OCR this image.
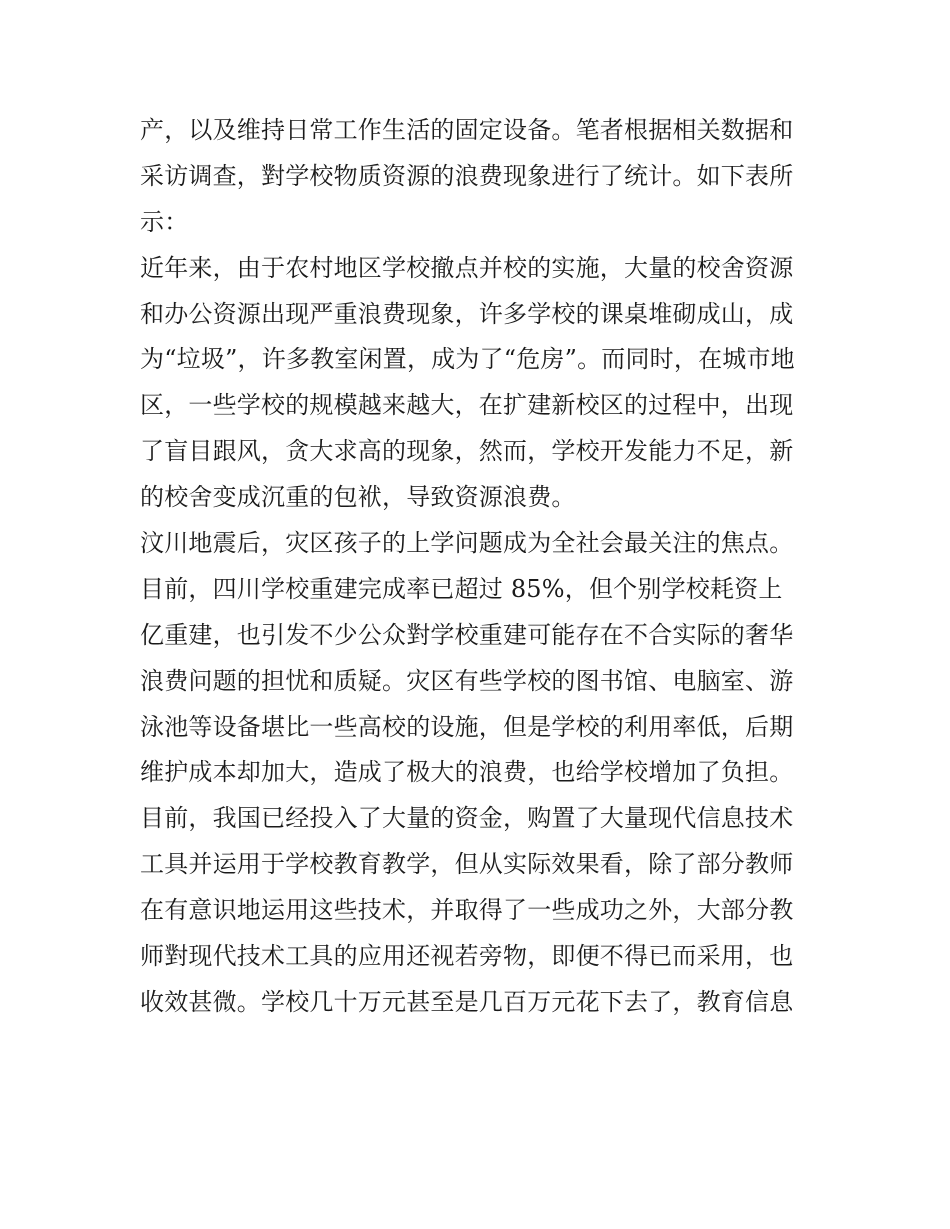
产，以及维持日常工作生活的固定设备。笔者根据相关数据和
采访调查，對学校物质资源的浪费现象进行了统计。如下表所
示：
近年来，由于农村地区学校撤点并校的实施，大量的校舍资源
和办公资源出现严重浪费现象，许多学校的课桌堆砌成山，成
为“垃圾”，许多教室闲置，成为了“危房”。而同时，在城市地
区，一些学校的规模越来越大，在扩建新校区的过程中，出现
了盲目跟风，贪大求高的现象，然而，学校开发能力不足，新
的校舍变成沉重的包袱，导致资源浪费。
汶川地震后，灾区孩子的上学问题成为全社会最关注的焦点。
目前，四川学校重建完成率已超过 85%，但个别学校耗资上
亿重建，也引发不少公众對学校重建可能存在不合实际的奢华
浪费问题的担忧和质疑。灾区有些学校的图书馆、电脑室、游
泳池等设备堪比一些高校的设施，但是学校的利用率低，后期
维护成本却加大，造成了极大的浪费，也给学校增加了负担。
目前，我国已经投入了大量的资金，购置了大量现代信息技术
工具并运用于学校教育教学，但从实际效果看，除了部分教师
在有意识地运用这些技术，并取得了一些成功之外，大部分教
师對现代技术工具的应用还视若旁物，即便不得已而采用，也
收效甚微。学校几十万元甚至是几百万元花下去了，教育信息
